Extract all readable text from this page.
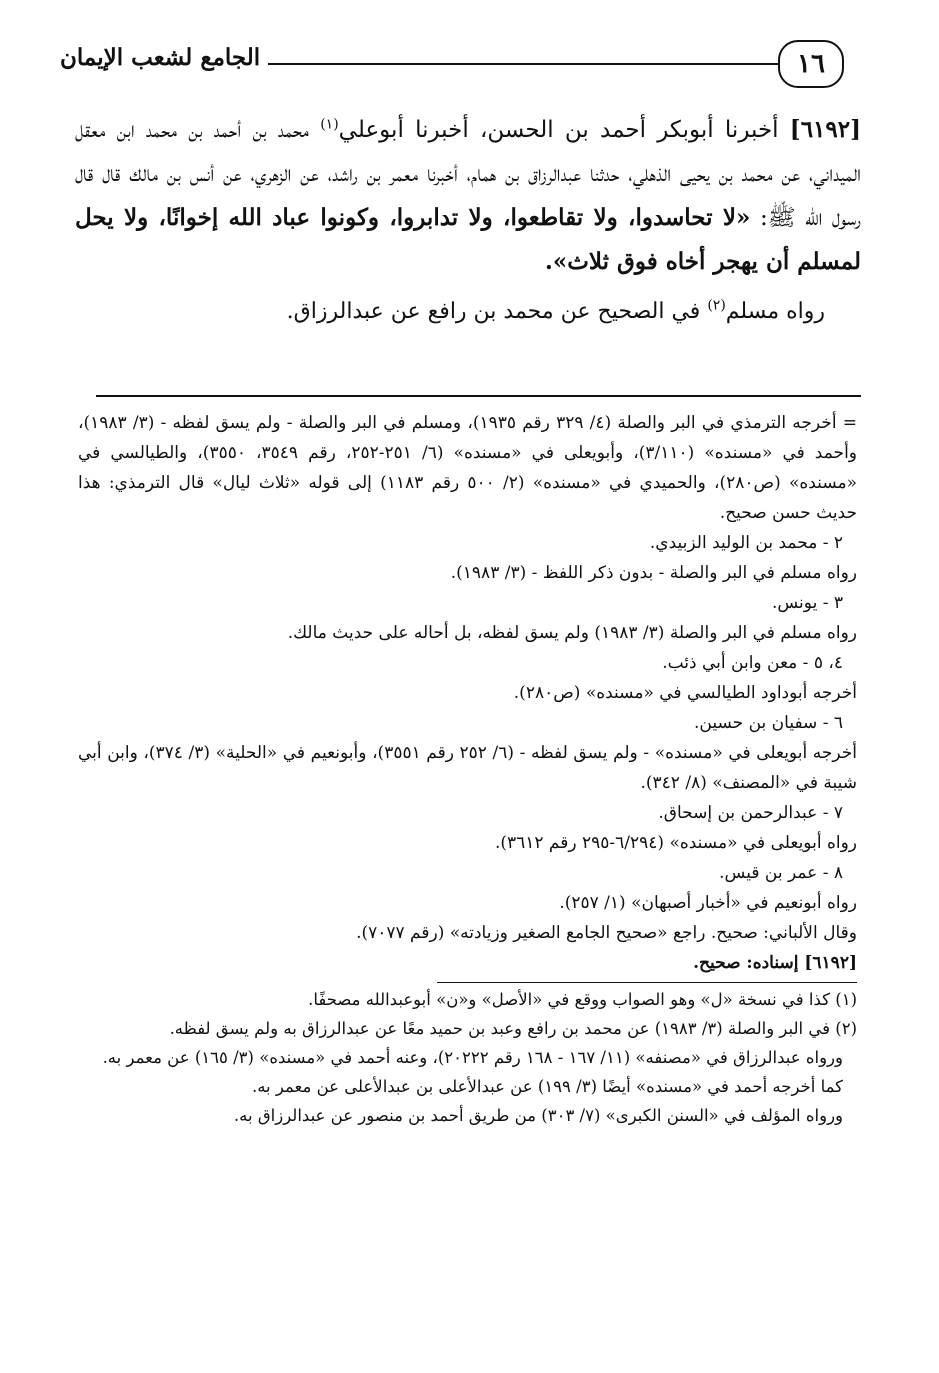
١٦
الجامع لشعب الإيمان

[٦١٩٢] أخبرنا أبوبكر أحمد بن الحسن، أخبرنا أبوعلي$^{(١)}$ محمد بن أحمد بن محمد ابن معقل الميداني، عن محمد بن يحيى الذهلي، حدثنا عبدالرزاق بن همام، أخبرنا معمر بن راشد، عن الزهري، عن أنس بن مالك قال قال رسول الله ﷺ: «لا تحاسدوا، ولا تقاطعوا، ولا تدابروا، وكونوا عباد الله إخوانًا، ولا يحل لمسلم أن يهجر أخاه فوق ثلاث».

رواه مسلم$^{(٢)}$ في الصحيح عن محمد بن رافع عن عبدالرزاق.

= أخرجه الترمذي في البر والصلة (٤/ ٣٢٩ رقم ١٩٣٥)، ومسلم في البر والصلة - ولم يسق لفظه - (٣/ ١٩٨٣)، وأحمد في «مسنده» (٣/١١٠)، وأبويعلى في «مسنده» (٦/ ٢٥١-٢٥٢، رقم ٣٥٤٩، ٣٥٥٠)، والطيالسي في «مسنده» (ص٢٨٠)، والحميدي في «مسنده» (٢/ ٥٠٠ رقم ١١٨٣) إلى قوله «ثلاث ليال» قال الترمذي: هذا حديث حسن صحيح.

٢ - محمد بن الوليد الزبيدي.

رواه مسلم في البر والصلة - بدون ذكر اللفظ - (٣/ ١٩٨٣).

٣ - يونس.

رواه مسلم في البر والصلة (٣/ ١٩٨٣) ولم يسق لفظه، بل أحاله على حديث مالك.

٤، ٥ - معن وابن أبي ذئب.

أخرجه أبوداود الطيالسي في «مسنده» (ص٢٨٠).

٦ - سفيان بن حسين.

أخرجه أبويعلى في «مسنده» - ولم يسق لفظه - (٦/ ٢٥٢ رقم ٣٥٥١)، وأبونعيم في «الحلية» (٣/ ٣٧٤)، وابن أبي شيبة في «المصنف» (٨/ ٣٤٢).

٧ - عبدالرحمن بن إسحاق.

رواه أبويعلى في «مسنده» (٦/٢٩٤-٢٩٥ رقم ٣٦١٢).

٨ - عمر بن قيس.

رواه أبونعيم في «أخبار أصبهان» (١/ ٢٥٧).

وقال الألباني: صحيح. راجع «صحيح الجامع الصغير وزيادته» (رقم ٧٠٧٧).

[٦١٩٢] إسناده: صحيح.

(١) كذا في نسخة «ل» وهو الصواب ووقع في «الأصل» و«ن» أبوعبدالله مصحفًا.

(٢) في البر والصلة (٣/ ١٩٨٣) عن محمد بن رافع وعبد بن حميد معًا عن عبدالرزاق به ولم يسق لفظه.

ورواه عبدالرزاق في «مصنفه» (١١/ ١٦٧ - ١٦٨ رقم ٢٠٢٢٢)، وعنه أحمد في «مسنده» (٣/ ١٦٥) عن معمر به.

كما أخرجه أحمد في «مسنده» أيضًا (٣/ ١٩٩) عن عبدالأعلى بن عبدالأعلى عن معمر به.

ورواه المؤلف في «السنن الكبرى» (٧/ ٣٠٣) من طريق أحمد بن منصور عن عبدالرزاق به.
